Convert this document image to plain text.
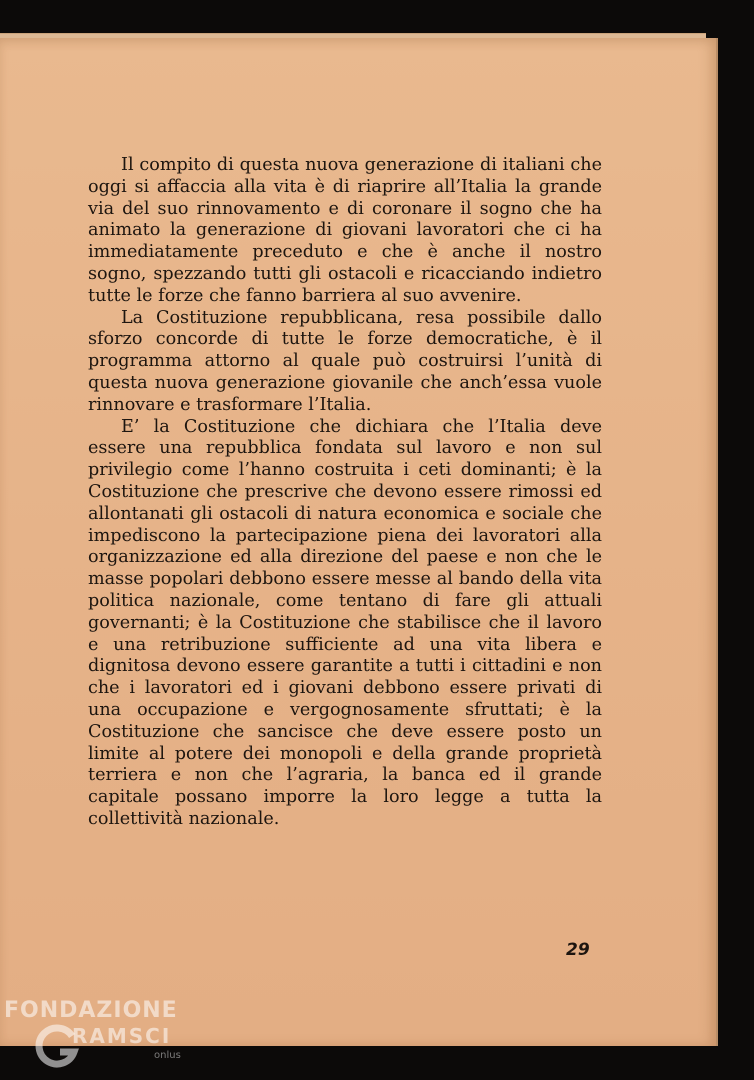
Il compito di questa nuova generazione di italiani che oggi si affaccia alla vita è di riaprire all’Italia la grande via del suo rinnovamento e di coronare il sogno che ha animato la generazione di giovani lavoratori che ci ha immediatamente preceduto e che è anche il nostro sogno, spezzando tutti gli ostacoli e ricacciando indietro tutte le forze che fanno barriera al suo avvenire.

La Costituzione repubblicana, resa possibile dallo sforzo concorde di tutte le forze democratiche, è il programma attorno al quale può costruirsi l’unità di questa nuova generazione giovanile che anch’essa vuole rinnovare e trasformare l’Italia.

E’ la Costituzione che dichiara che l’Italia deve essere una repubblica fondata sul lavoro e non sul privilegio come l’hanno costruita i ceti dominanti; è la Costituzione che prescrive che devono essere rimossi ed allontanati gli ostacoli di natura economica e sociale che impediscono la partecipazione piena dei lavoratori alla organizzazione ed alla direzione del paese e non che le masse popolari debbono essere messe al bando della vita politica nazionale, come tentano di fare gli attuali governanti; è la Costituzione che stabilisce che il lavoro e una retribuzione sufficiente ad una vita libera e dignitosa devono essere garantite a tutti i cittadini e non che i lavoratori ed i giovani debbono essere privati di una occupazione e vergognosamente sfruttati; è la Costituzione che sancisce che deve essere posto un limite al potere dei monopoli e della grande proprietà terriera e non che l’agraria, la banca ed il grande capitale possano imporre la loro legge a tutta la collettività nazionale.

29
FONDAZIONE
RAMSCI
onlus
